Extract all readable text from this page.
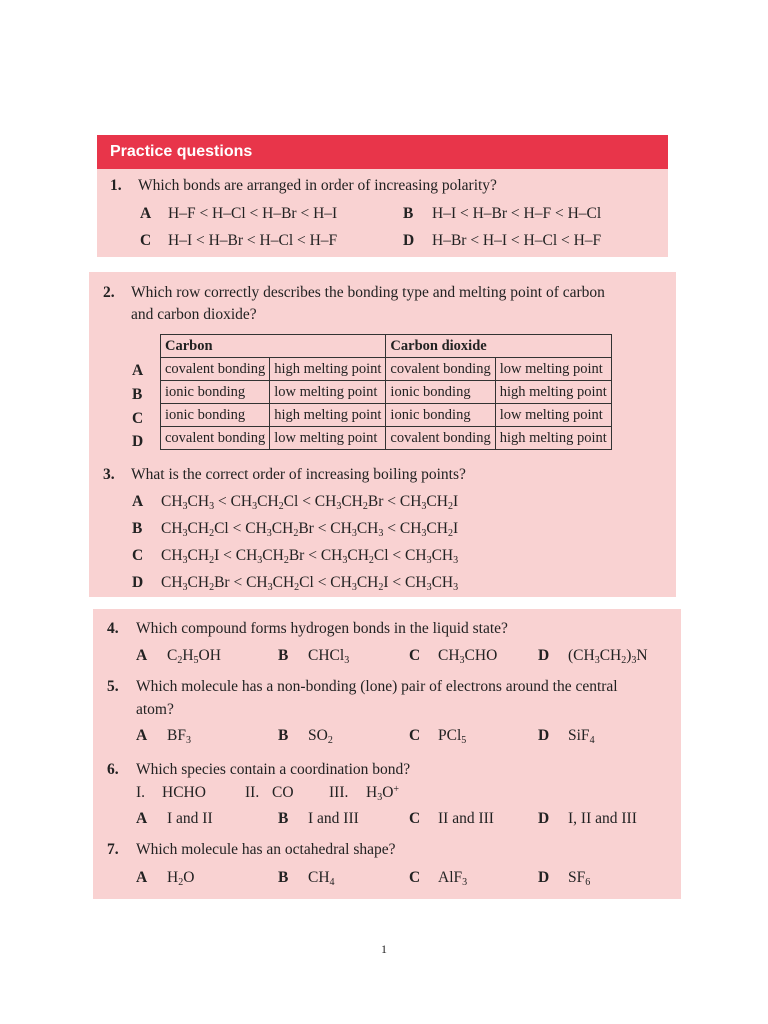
Practice questions
1. Which bonds are arranged in order of increasing polarity?
A H–F < H–Cl < H–Br < H–I	B H–I < H–Br < H–F < H–Cl
C H–I < H–Br < H–Cl < H–F	D H–Br < H–I < H–Cl < H–F
2. Which row correctly describes the bonding type and melting point of carbon
and carbon dioxide?
A
B
C
D
Carbon		Carbon dioxide	
covalent bonding	high melting point	covalent bonding	low melting point
ionic bonding	low melting point	ionic bonding	high melting point
ionic bonding	high melting point	ionic bonding	low melting point
covalent bonding	low melting point	covalent bonding	high melting point
3. What is the correct order of increasing boiling points?
A $CH_3CH_3 < CH_3CH_2Cl < CH_3CH_2Br < CH_3CH_2I$
B $CH_3CH_2Cl < CH_3CH_2Br < CH_3CH_3 < CH_3CH_2I$
C $CH_3CH_2I < CH_3CH_2Br < CH_3CH_2Cl < CH_3CH_3$
D $CH_3CH_2Br < CH_3CH_2Cl < CH_3CH_2I < CH_3CH_3$
4. Which compound forms hydrogen bonds in the liquid state?
A $C_2H_5OH$	B CHCl$_3$	C $CH_3CHO$	D $(CH_3CH_2)_3N$
5. Which molecule has a non-bonding (lone) pair of electrons around the central
atom?
A $BF_3$	B $SO_2$	C PCl$_5$	D SiF$_4$
6. Which species contain a coordination bond?
I. HCHO	II. CO III. $H_3O^+$
A I and II	B I and III	C II and III	D I, II and III
7. Which molecule has an octahedral shape?
A $H_2O$	B $CH_4$	C AlF$_3$	D $SF_6$
1
